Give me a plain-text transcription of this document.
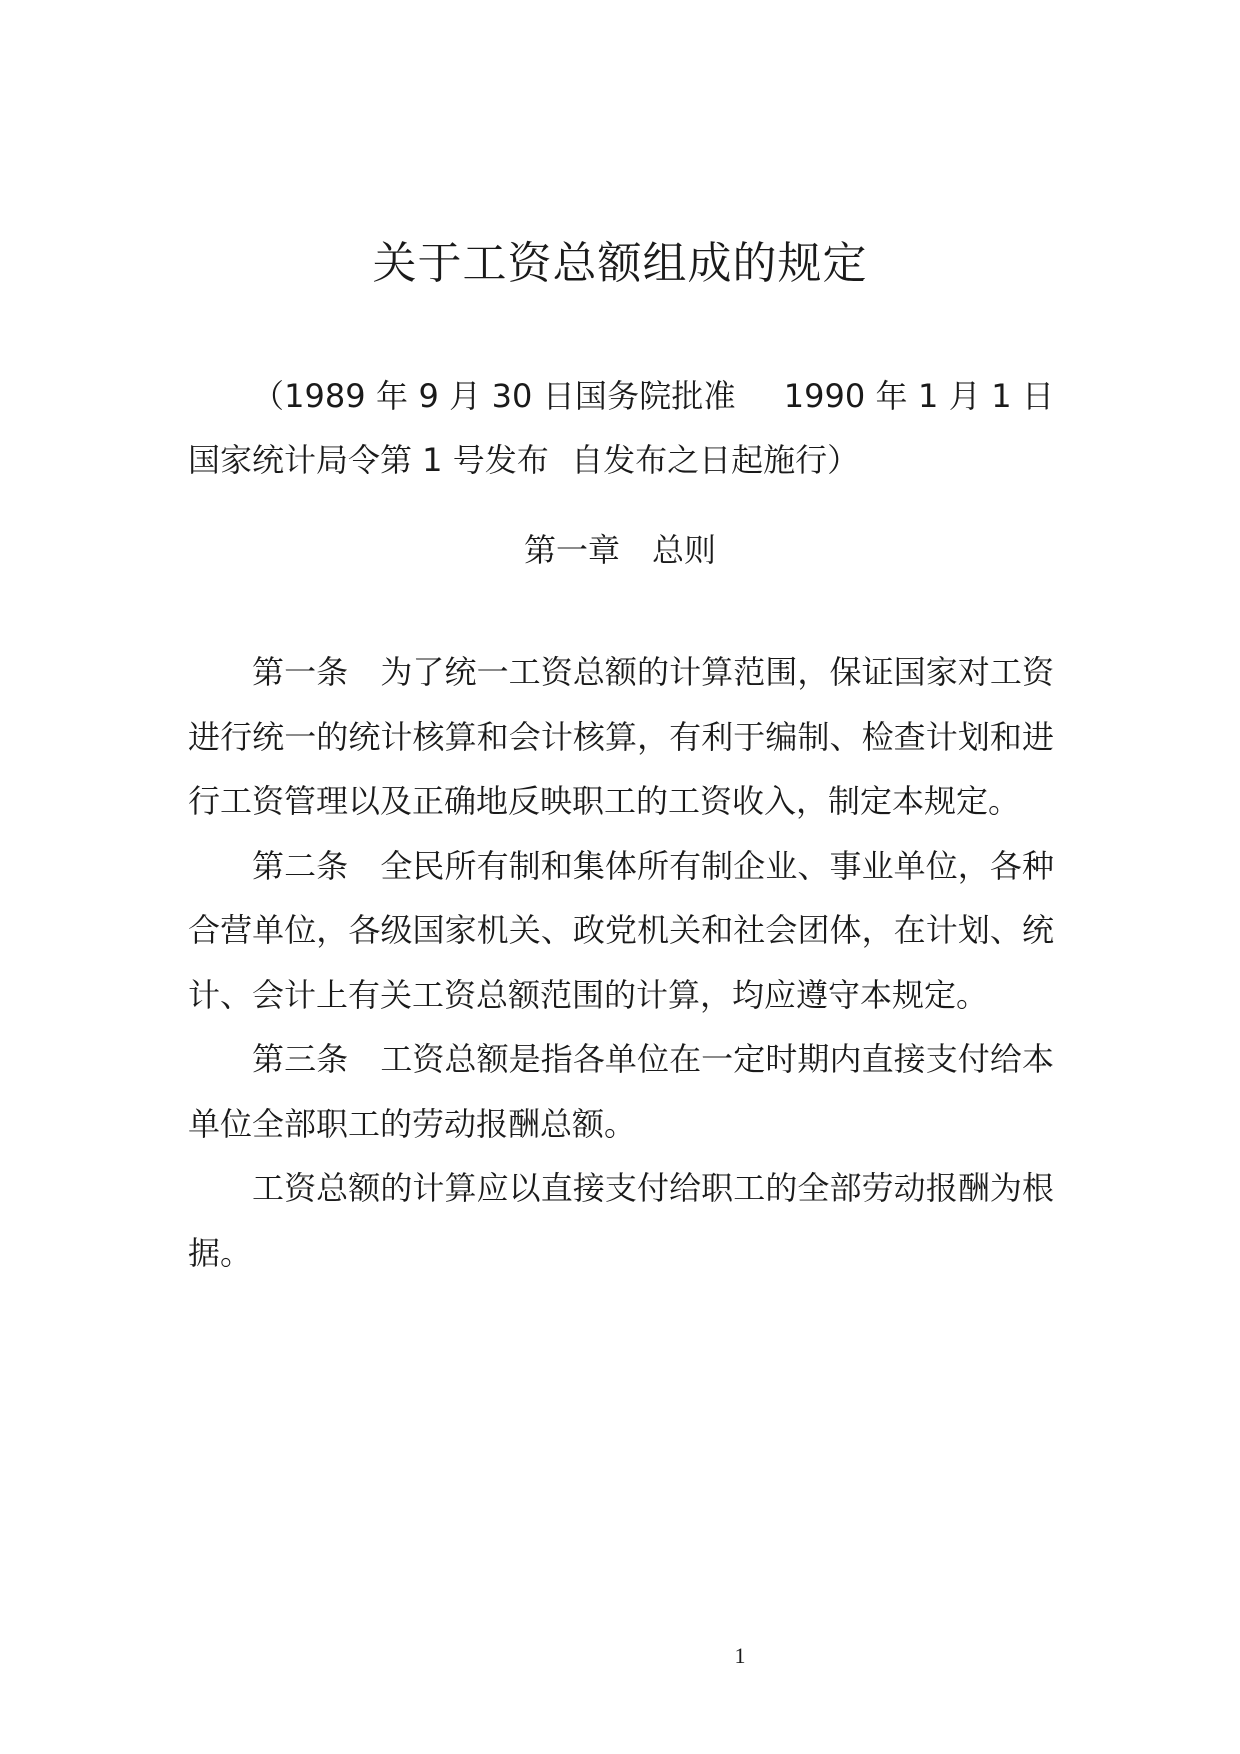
关于工资总额组成的规定

（1989 年 9 月 30 日国务院批准 1990 年 1 月 1 日国家统计局令第 1 号发布 自发布之日起施行）

第一章 总则

第一条 为了统一工资总额的计算范围，保证国家对工资进行统一的统计核算和会计核算，有利于编制、检查计划和进行工资管理以及正确地反映职工的工资收入，制定本规定。

第二条 全民所有制和集体所有制企业、事业单位，各种合营单位，各级国家机关、政党机关和社会团体，在计划、统计、会计上有关工资总额范围的计算，均应遵守本规定。

第三条 工资总额是指各单位在一定时期内直接支付给本单位全部职工的劳动报酬总额。

工资总额的计算应以直接支付给职工的全部劳动报酬为根据。

1
